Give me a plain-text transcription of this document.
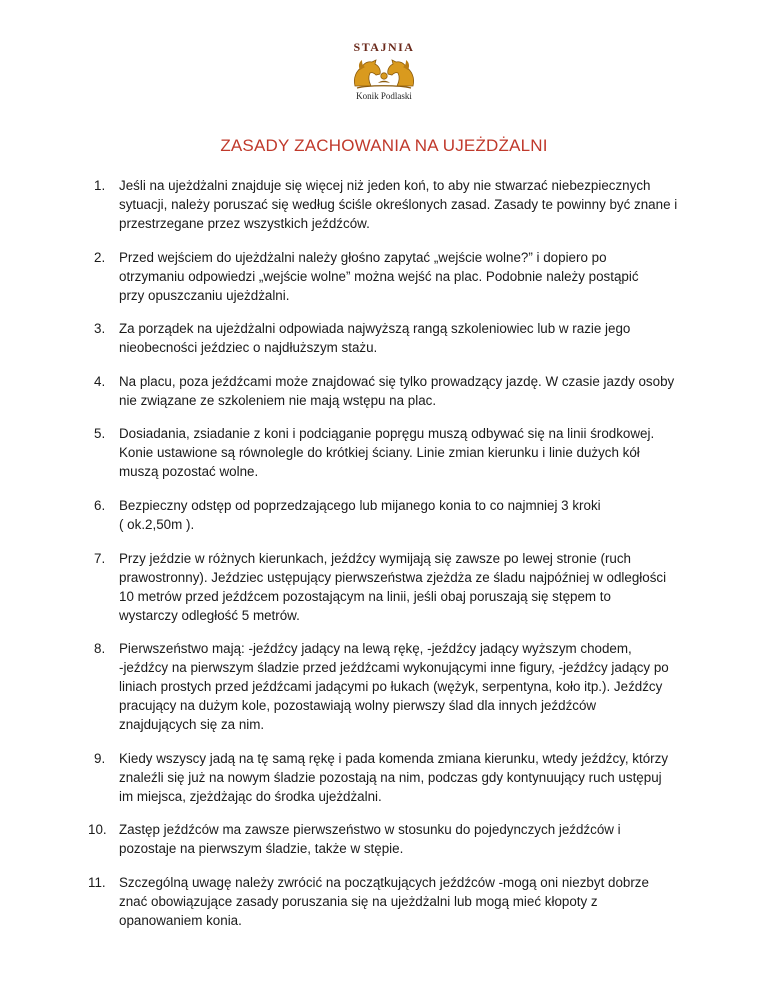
STAJNIA
Konik Podlaski
ZASADY ZACHOWANIA NA UJEŻDŻALNI
1. Jeśli na ujeżdżalni znajduje się więcej niż jeden koń, to aby nie stwarzać niebezpiecznych
sytuacji, należy poruszać się według ściśle określonych zasad. Zasady te powinny być znane i
przestrzegane przez wszystkich jeźdźców.
2. Przed wejściem do ujeżdżalni należy głośno zapytać „wejście wolne?” i dopiero po
otrzymaniu odpowiedzi „wejście wolne” można wejść na plac. Podobnie należy postąpić
przy opuszczaniu ujeżdżalni.
3. Za porządek na ujeżdżalni odpowiada najwyższą rangą szkoleniowiec lub w razie jego
nieobecności jeździec o najdłuższym stażu.
4. Na placu, poza jeźdźcami może znajdować się tylko prowadzący jazdę. W czasie jazdy osoby
nie związane ze szkoleniem nie mają wstępu na plac.
5. Dosiadania, zsiadanie z koni i podciąganie popręgu muszą odbywać się na linii środkowej.
Konie ustawione są równolegle do krótkiej ściany. Linie zmian kierunku i linie dużych kół
muszą pozostać wolne.
6. Bezpieczny odstęp od poprzedzającego lub mijanego konia to co najmniej 3 kroki
( ok.2,50m ).
7. Przy jeździe w różnych kierunkach, jeźdźcy wymijają się zawsze po lewej stronie (ruch
prawostronny). Jeździec ustępujący pierwszeństwa zjeżdża ze śladu najpóźniej w odległości
10 metrów przed jeźdźcem pozostającym na linii, jeśli obaj poruszają się stępem to
wystarczy odległość 5 metrów.
8. Pierwszeństwo mają: -jeźdźcy jadący na lewą rękę, -jeźdźcy jadący wyższym chodem,
-jeźdźcy na pierwszym śladzie przed jeźdźcami wykonującymi inne figury, -jeźdźcy jadący po
liniach prostych przed jeźdźcami jadącymi po łukach (wężyk, serpentyna, koło itp.). Jeźdźcy
pracujący na dużym kole, pozostawiają wolny pierwszy ślad dla innych jeźdźców
znajdujących się za nim.
9. Kiedy wszyscy jadą na tę samą rękę i pada komenda zmiana kierunku, wtedy jeźdźcy, którzy
znaleźli się już na nowym śladzie pozostają na nim, podczas gdy kontynuujący ruch ustępuj
im miejsca, zjeżdżając do środka ujeżdżalni.
10. Zastęp jeźdźców ma zawsze pierwszeństwo w stosunku do pojedynczych jeźdźców i
pozostaje na pierwszym śladzie, także w stępie.
11. Szczególną uwagę należy zwrócić na początkujących jeźdźców -mogą oni niezbyt dobrze
znać obowiązujące zasady poruszania się na ujeżdżalni lub mogą mieć kłopoty z
opanowaniem konia.
